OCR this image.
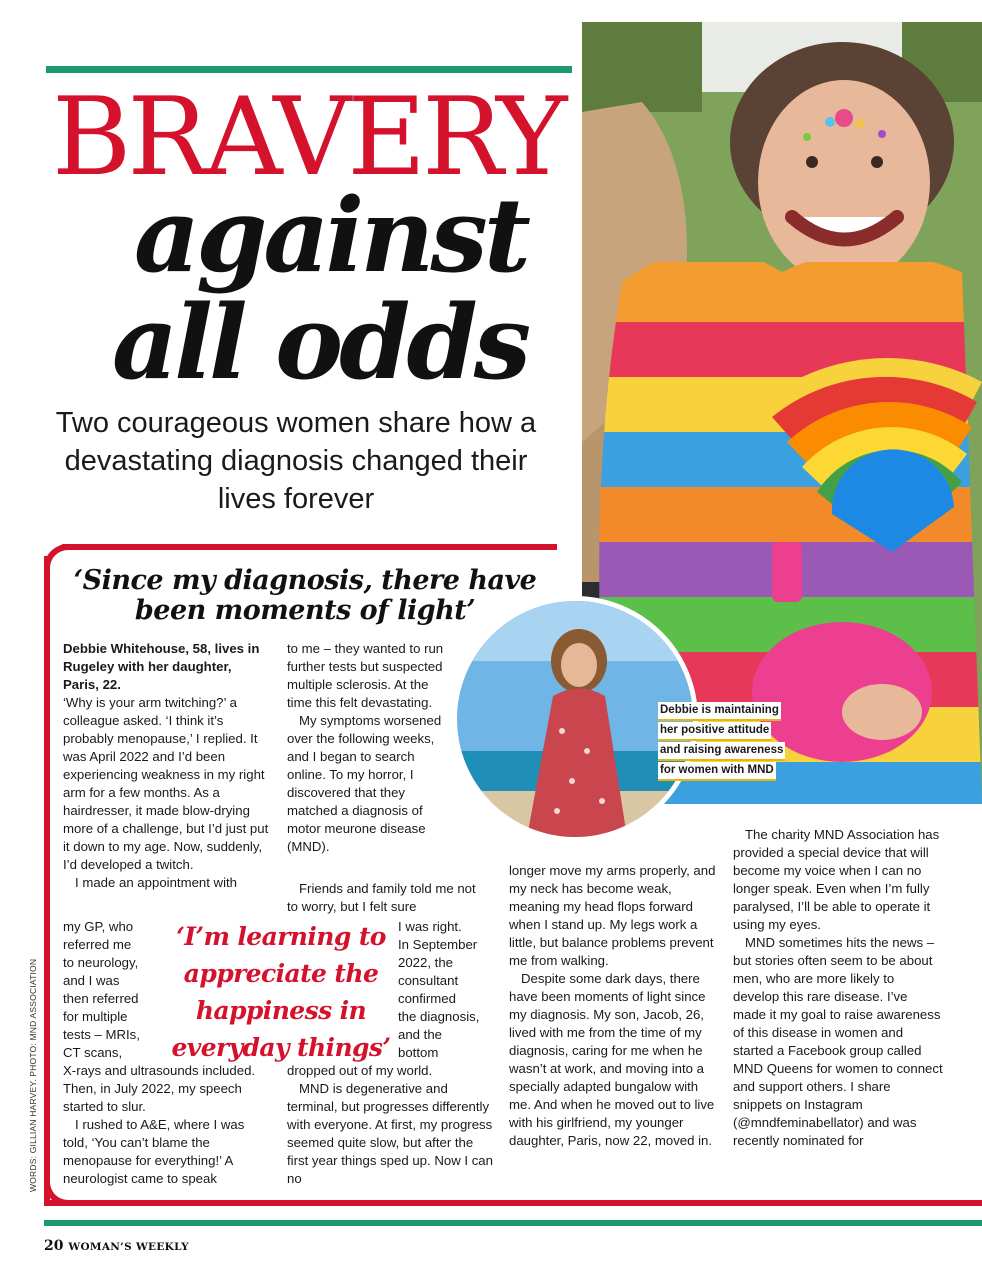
BRAVERY
against
all odds
Two courageous women share how a devastating diagnosis changed their lives forever
‘Since my diagnosis, there have been moments of light’
Debbie is maintaining
her positive attitude
and raising awareness
for women with MND

Debbie Whitehouse, 58, lives in Rugeley with her daughter, Paris, 22.

‘Why is your arm twitching?’ a colleague asked. ‘I think it’s probably menopause,’ I replied. It was April 2022 and I’d been experiencing weakness in my right arm for a few months. As a hairdresser, it made blow-drying more of a challenge, but I’d just put it down to my age. Now, suddenly, I’d developed a twitch.

I made an appointment with

my GP, who

referred me

to neurology,

and I was

then referred

for multiple

tests – MRIs,

CT scans,

X-rays and ultrasounds included. Then, in July 2022, my speech started to slur.

I rushed to A&E, where I was told, ‘You can’t blame the menopause for everything!’ A neurologist came to speak

to me – they wanted to run further tests but suspected multiple sclerosis. At the time this felt devastating.

My symptoms worsened over the following weeks, and I began to search online. To my horror, I discovered that they matched a diagnosis of motor meurone disease (MND).

Friends and family told me not to worry, but I felt sure

I was right.

In September

2022, the

consultant

confirmed

the diagnosis,

and the

bottom

dropped out of my world.

MND is degenerative and terminal, but progresses differently with everyone. At first, my progress seemed quite slow, but after the first year things sped up. Now I can no

‘I’m learning to appreciate the happiness in everyday things’

longer move my arms properly, and my neck has become weak, meaning my head flops forward when I stand up. My legs work a little, but balance problems prevent me from walking.

Despite some dark days, there have been moments of light since my diagnosis. My son, Jacob, 26, lived with me from the time of my diagnosis, caring for me when he wasn’t at work, and moving into a specially adapted bungalow with me. And when he moved out to live with his girlfriend, my younger daughter, Paris, now 22, moved in.

The charity MND Association has provided a special device that will become my voice when I can no longer speak. Even when I’m fully paralysed, I’ll be able to operate it using my eyes.

MND sometimes hits the news – but stories often seem to be about men, who are more likely to develop this rare disease. I’ve made it my goal to raise awareness of this disease in women and started a Facebook group called MND Queens for women to connect and support others. I share snippets on Instagram (@mndfeminabellator) and was recently nominated for

WORDS: GILLIAN HARVEY. PHOTO: MND ASSOCIATION
20 WOMAN’S WEEKLY
